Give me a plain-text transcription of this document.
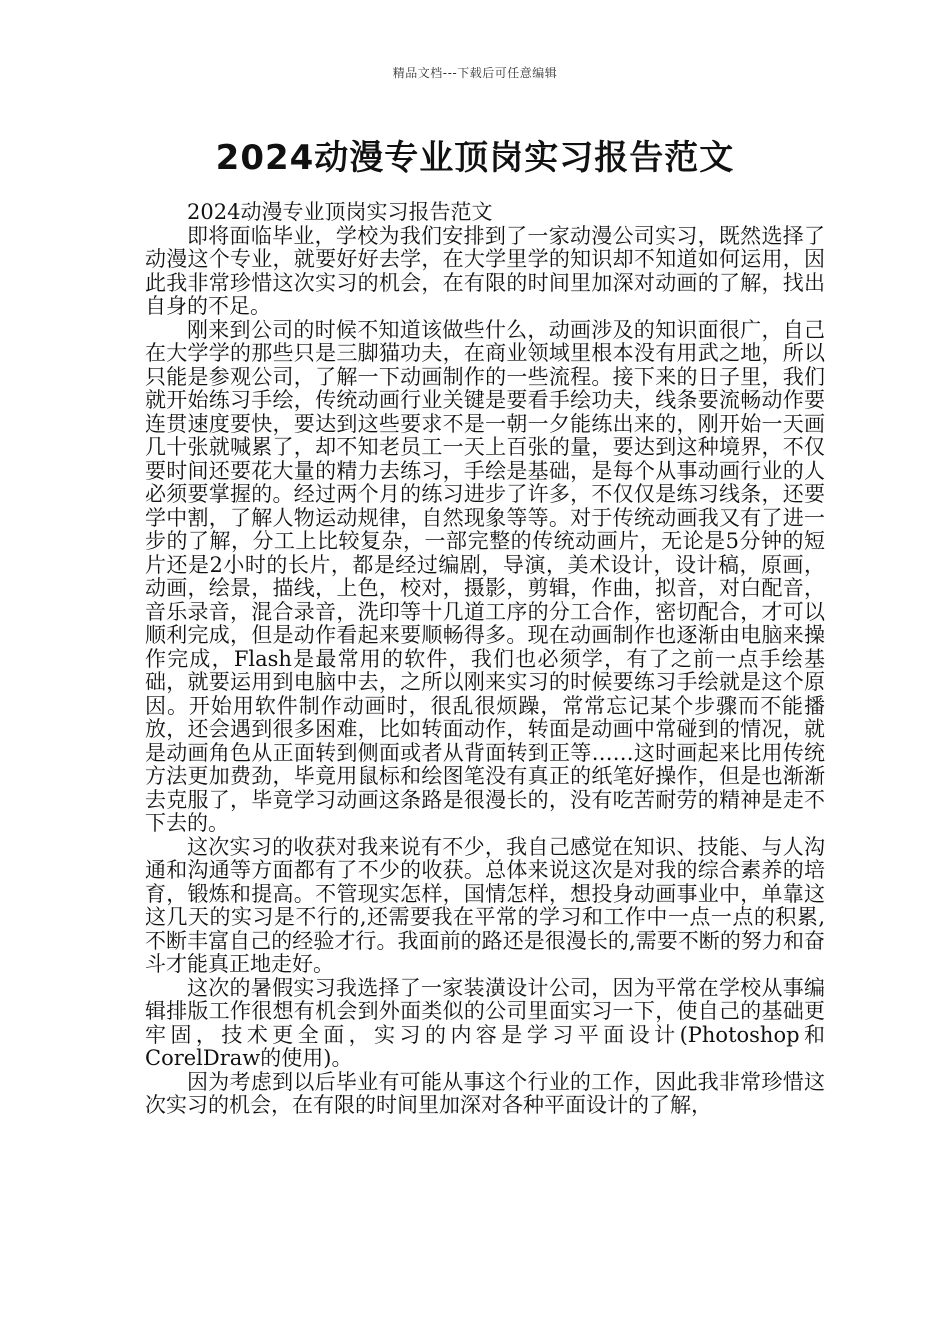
精品文档---下载后可任意编辑
2024动漫专业顶岗实习报告范文

2024动漫专业顶岗实习报告范文

即将面临毕业，学校为我们安排到了一家动漫公司实习，既然选择了动漫这个专业，就要好好去学，在大学里学的知识却不知道如何运用，因此我非常珍惜这次实习的机会，在有限的时间里加深对动画的了解，找出自身的不足。

刚来到公司的时候不知道该做些什么，动画涉及的知识面很广，自己在大学学的那些只是三脚猫功夫，在商业领域里根本没有用武之地，所以只能是参观公司，了解一下动画制作的一些流程。接下来的日子里，我们就开始练习手绘，传统动画行业关键是要看手绘功夫，线条要流畅动作要连贯速度要快，要达到这些要求不是一朝一夕能练出来的，刚开始一天画几十张就喊累了，却不知老员工一天上百张的量，要达到这种境界，不仅要时间还要花大量的精力去练习，手绘是基础，是每个从事动画行业的人必须要掌握的。经过两个月的练习进步了许多，不仅仅是练习线条，还要学中割，了解人物运动规律，自然现象等等。对于传统动画我又有了进一步的了解，分工上比较复杂，一部完整的传统动画片，无论是5分钟的短片还是2小时的长片，都是经过编剧，导演，美术设计，设计稿，原画，动画，绘景，描线，上色，校对，摄影，剪辑，作曲，拟音，对白配音，音乐录音，混合录音，洗印等十几道工序的分工合作，密切配合，才可以顺利完成，但是动作看起来要顺畅得多。现在动画制作也逐渐由电脑来操作完成，Flash是最常用的软件，我们也必须学，有了之前一点手绘基础，就要运用到电脑中去，之所以刚来实习的时候要练习手绘就是这个原因。开始用软件制作动画时，很乱很烦躁，常常忘记某个步骤而不能播放，还会遇到很多困难，比如转面动作，转面是动画中常碰到的情况，就是动画角色从正面转到侧面或者从背面转到正等……这时画起来比用传统方法更加费劲，毕竟用鼠标和绘图笔没有真正的纸笔好操作，但是也渐渐去克服了，毕竟学习动画这条路是很漫长的，没有吃苦耐劳的精神是走不下去的。

这次实习的收获对我来说有不少，我自己感觉在知识、技能、与人沟通和沟通等方面都有了不少的收获。总体来说这次是对我的综合素养的培育，锻炼和提高。不管现实怎样，国情怎样，想投身动画事业中，单靠这这几天的实习是不行的,还需要我在平常的学习和工作中一点一点的积累,不断丰富自己的经验才行。我面前的路还是很漫长的,需要不断的努力和奋斗才能真正地走好。

这次的暑假实习我选择了一家装潢设计公司，因为平常在学校从事编辑排版工作很想有机会到外面类似的公司里面实习一下，使自己的基础更牢固，技术更全面，实习的内容是学习平面设计(Photoshop和CorelDraw的使用)。

因为考虑到以后毕业有可能从事这个行业的工作，因此我非常珍惜这次实习的机会，在有限的时间里加深对各种平面设计的了解，
